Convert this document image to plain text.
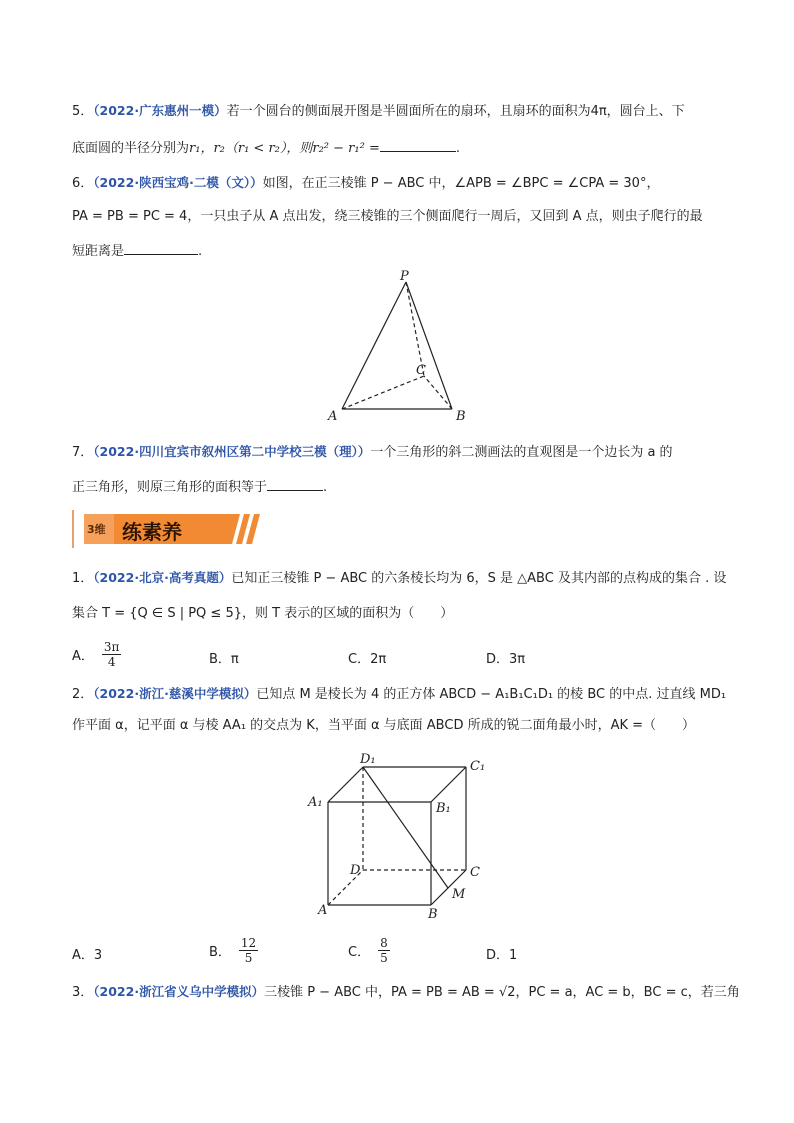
5．（2022·广东惠州一模）若一个圆台的侧面展开图是半圆面所在的扇环，且扇环的面积为4π，圆台上、下
底面圆的半径分别为r₁，r₂（r₁ < r₂），则r₂² − r₁² =	.
6．（2022·陕西宝鸡·二模（文））如图，在正三棱锥 P − ABC 中，∠APB = ∠BPC = ∠CPA = 30°，
PA = PB = PC = 4，一只虫子从 A 点出发，绕三棱锥的三个侧面爬行一周后，又回到 A 点，则虫子爬行的最
短距离是	.
P
C
A	B
7．（2022·四川宜宾市叙州区第二中学校三模（理））一个三角形的斜二测画法的直观图是一个边长为 a 的
正三角形，则原三角形的面积等于	.
3维 练素养
1．（2022·北京·高考真题）已知正三棱锥 P − ABC 的六条棱长均为 6，S 是 △ABC 及其内部的点构成的集合 . 设
集合 T = {Q ∈ S | PQ ≤ 5}，则 T 表示的区域的面积为（　　）
A． $\frac{3\pi}{4}$	B．π	C．2π	D．3π
2．（2022·浙江·慈溪中学模拟）已知点 M 是棱长为 4 的正方体 ABCD − A₁B₁C₁D₁ 的棱 BC 的中点. 过直线 MD₁
作平面 α，记平面 α 与棱 AA₁ 的交点为 K，当平面 α 与底面 ABCD 所成的锐二面角最小时，AK =（　　）
D₁	C₁
A₁	B₁
D	C
M
A	B
A．3	B． $\frac{12}{5}$	C． $\frac{8}{5}$	D．1
3．（2022·浙江省义乌中学模拟）三棱锥 P − ABC 中，PA = PB = AB = √2，PC = a，AC = b，BC = c，若三角
